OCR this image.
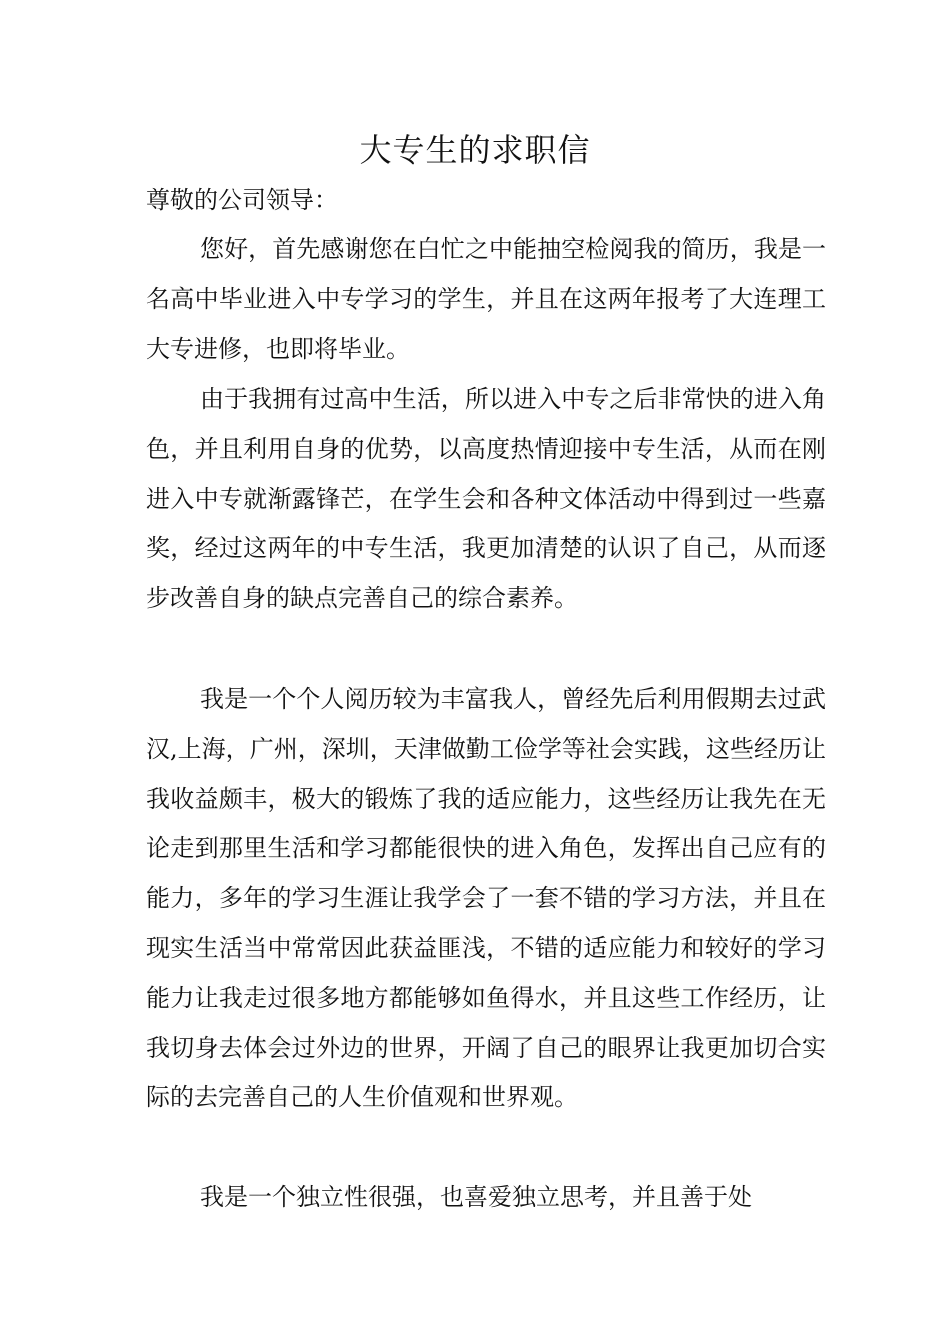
大专生的求职信

尊敬的公司领导：

您好，首先感谢您在白忙之中能抽空检阅我的简历，我是一名高中毕业进入中专学习的学生，并且在这两年报考了大连理工大专进修，也即将毕业。

由于我拥有过高中生活，所以进入中专之后非常快的进入角色，并且利用自身的优势，以高度热情迎接中专生活，从而在刚进入中专就渐露锋芒，在学生会和各种文体活动中得到过一些嘉奖，经过这两年的中专生活，我更加清楚的认识了自己，从而逐步改善自身的缺点完善自己的综合素养。

我是一个个人阅历较为丰富我人，曾经先后利用假期去过武汉,上海，广州，深圳，天津做勤工俭学等社会实践，这些经历让我收益颇丰，极大的锻炼了我的适应能力，这些经历让我先在无论走到那里生活和学习都能很快的进入角色，发挥出自己应有的能力，多年的学习生涯让我学会了一套不错的学习方法，并且在现实生活当中常常因此获益匪浅，不错的适应能力和较好的学习能力让我走过很多地方都能够如鱼得水，并且这些工作经历，让我切身去体会过外边的世界，开阔了自己的眼界让我更加切合实际的去完善自己的人生价值观和世界观。

我是一个独立性很强，也喜爱独立思考，并且善于处
